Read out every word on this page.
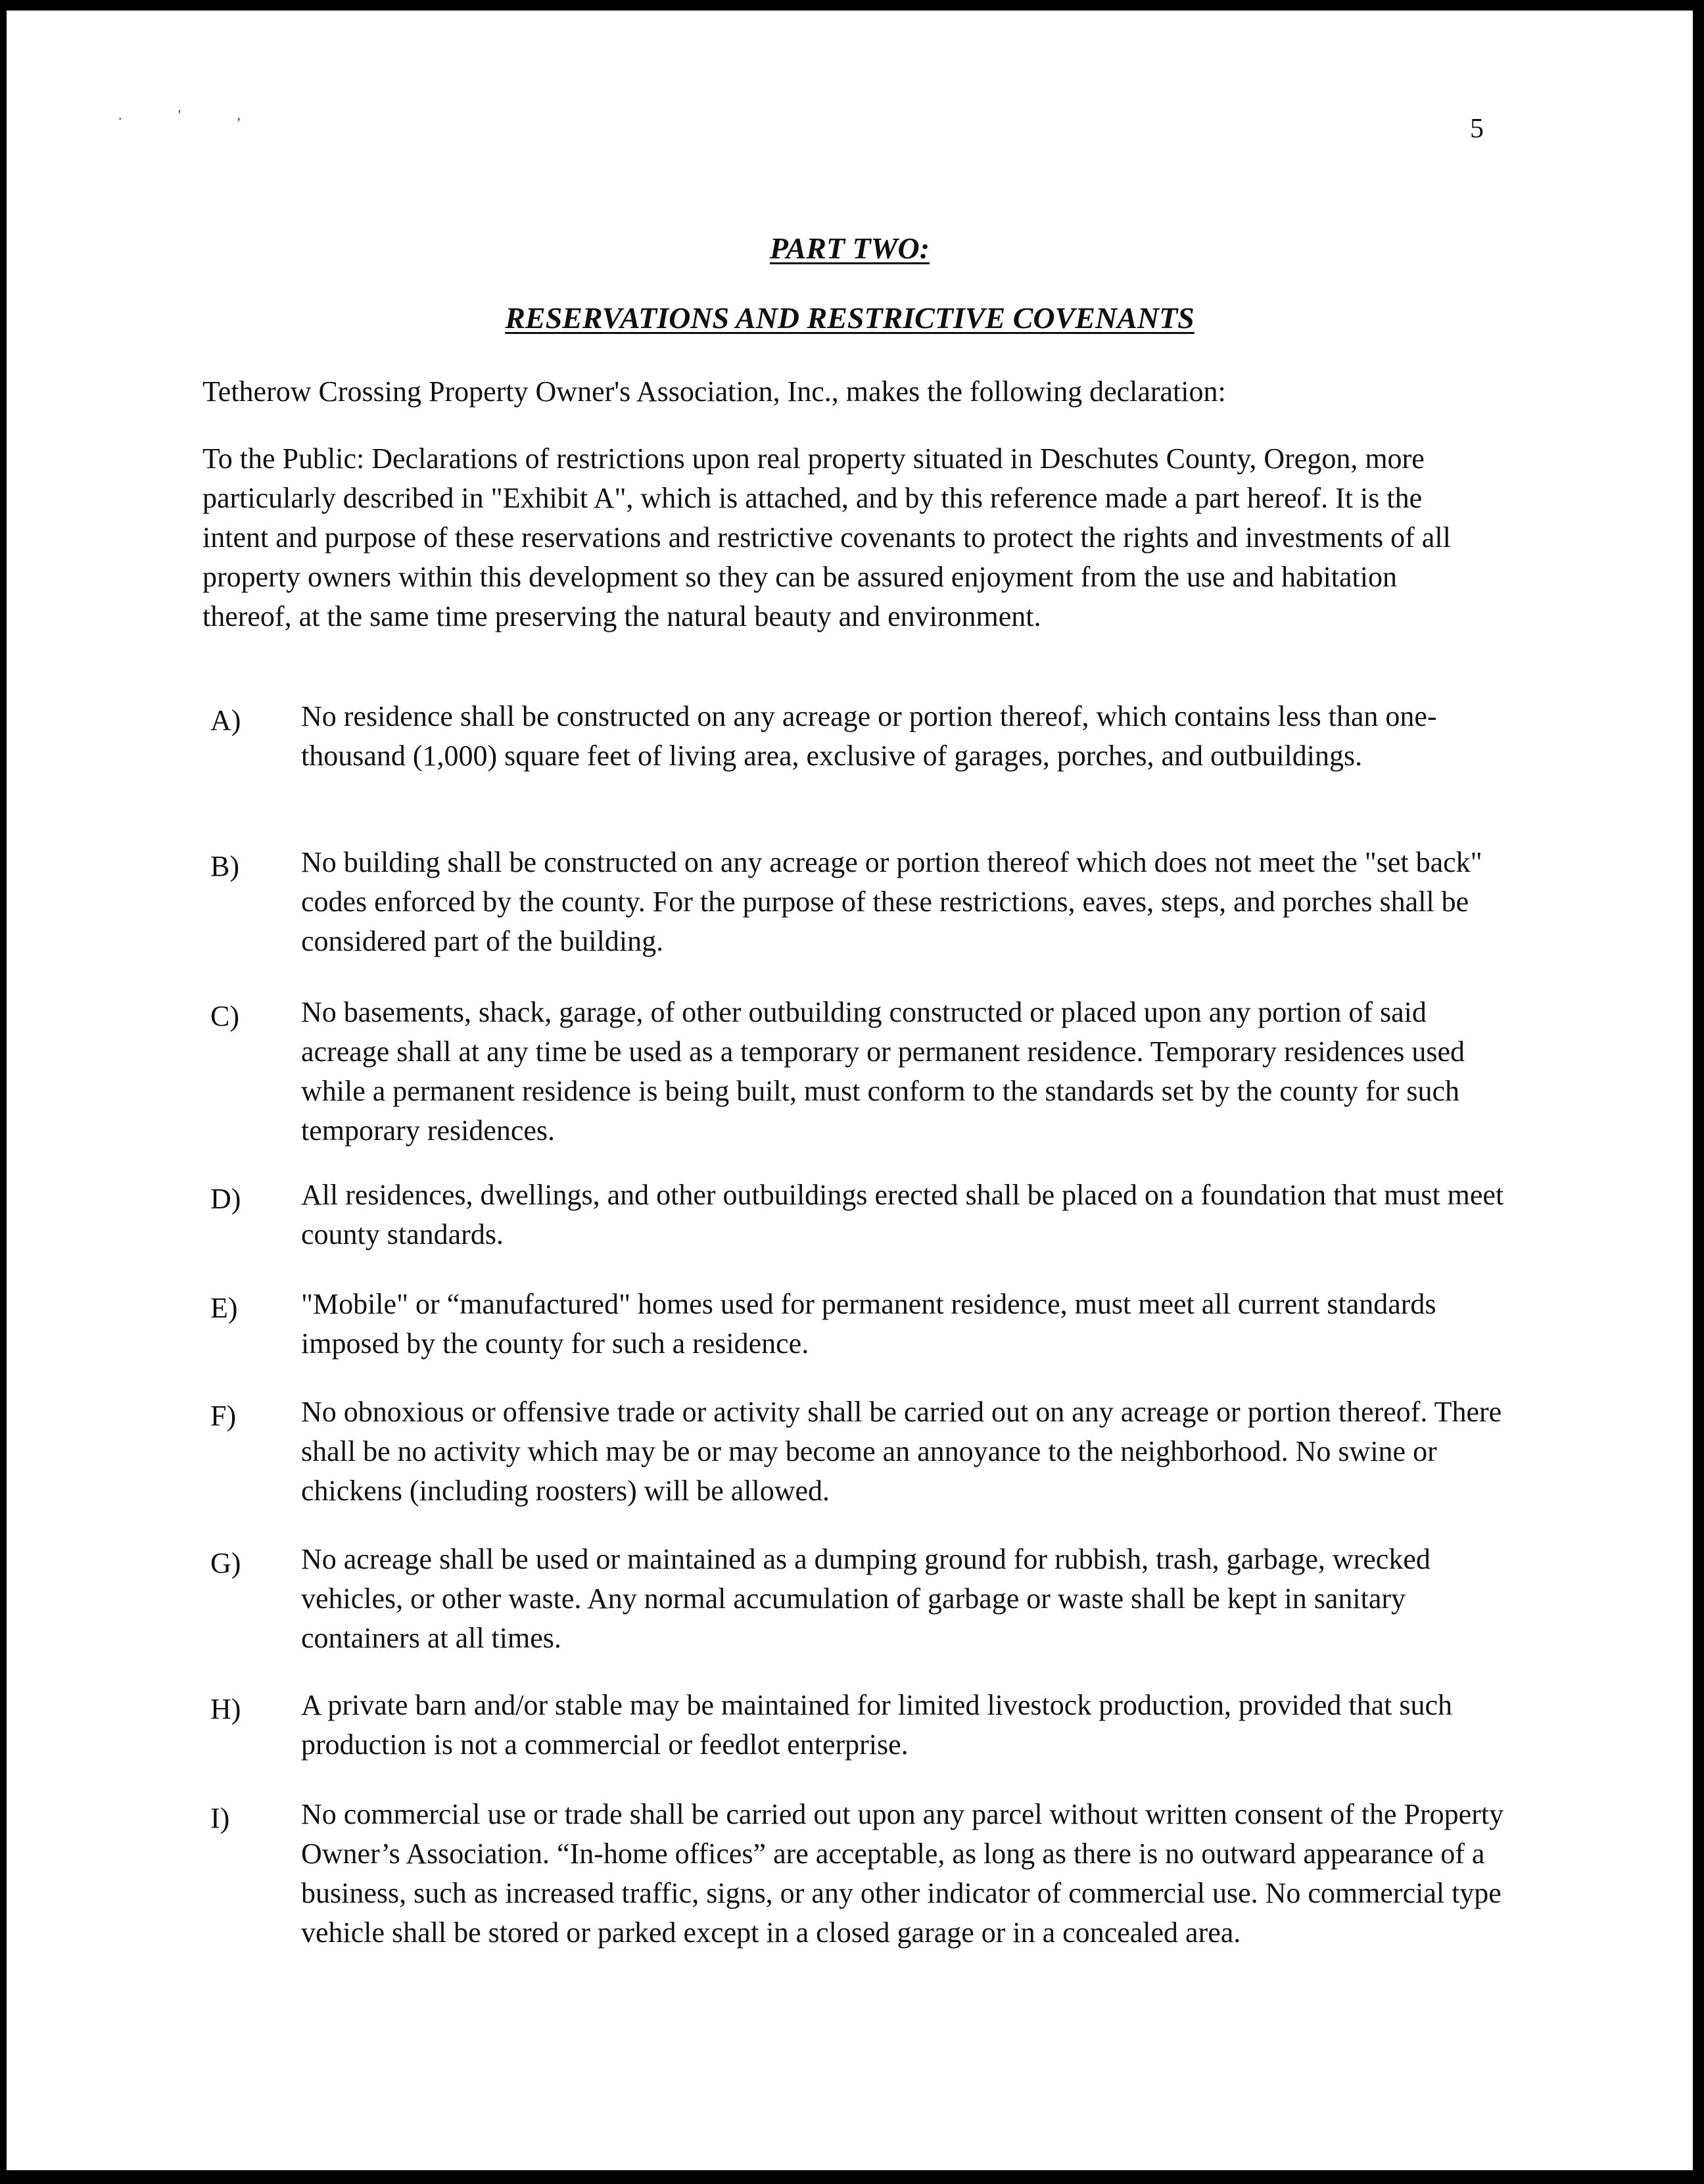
. ' ,	5
PART TWO:
RESERVATIONS AND RESTRICTIVE COVENANTS

Tetherow Crossing Property Owner's Association, Inc., makes the following declaration:

To the Public: Declarations of restrictions upon real property situated in Deschutes County, Oregon, more particularly described in "Exhibit A", which is attached, and by this reference made a part hereof. It is the intent and purpose of these reservations and restrictive covenants to protect the rights and investments of all property owners within this development so they can be assured enjoyment from the use and habitation thereof, at the same time preserving the natural beauty and environment.

A)	No residence shall be constructed on any acreage or portion thereof, which contains less than one-thousand (1,000) square feet of living area, exclusive of garages, porches, and outbuildings.

B)	No building shall be constructed on any acreage or portion thereof which does not meet the "set back" codes enforced by the county. For the purpose of these restrictions, eaves, steps, and porches shall be considered part of the building.

C)	No basements, shack, garage, of other outbuilding constructed or placed upon any portion of said acreage shall at any time be used as a temporary or permanent residence. Temporary residences used while a permanent residence is being built, must conform to the standards set by the county for such temporary residences.

D)	All residences, dwellings, and other outbuildings erected shall be placed on a foundation that must meet county standards.

E)	"Mobile" or “manufactured" homes used for permanent residence, must meet all current standards imposed by the county for such a residence.

F)	No obnoxious or offensive trade or activity shall be carried out on any acreage or portion thereof. There shall be no activity which may be or may become an annoyance to the neighborhood. No swine or chickens (including roosters) will be allowed.

G)	No acreage shall be used or maintained as a dumping ground for rubbish, trash, garbage, wrecked vehicles, or other waste. Any normal accumulation of garbage or waste shall be kept in sanitary containers at all times.

H)	A private barn and/or stable may be maintained for limited livestock production, provided that such production is not a commercial or feedlot enterprise.

I)	No commercial use or trade shall be carried out upon any parcel without written consent of the Property Owner’s Association. “In-home offices” are acceptable, as long as there is no outward appearance of a business, such as increased traffic, signs, or any other indicator of commercial use. No commercial type vehicle shall be stored or parked except in a closed garage or in a concealed area.
